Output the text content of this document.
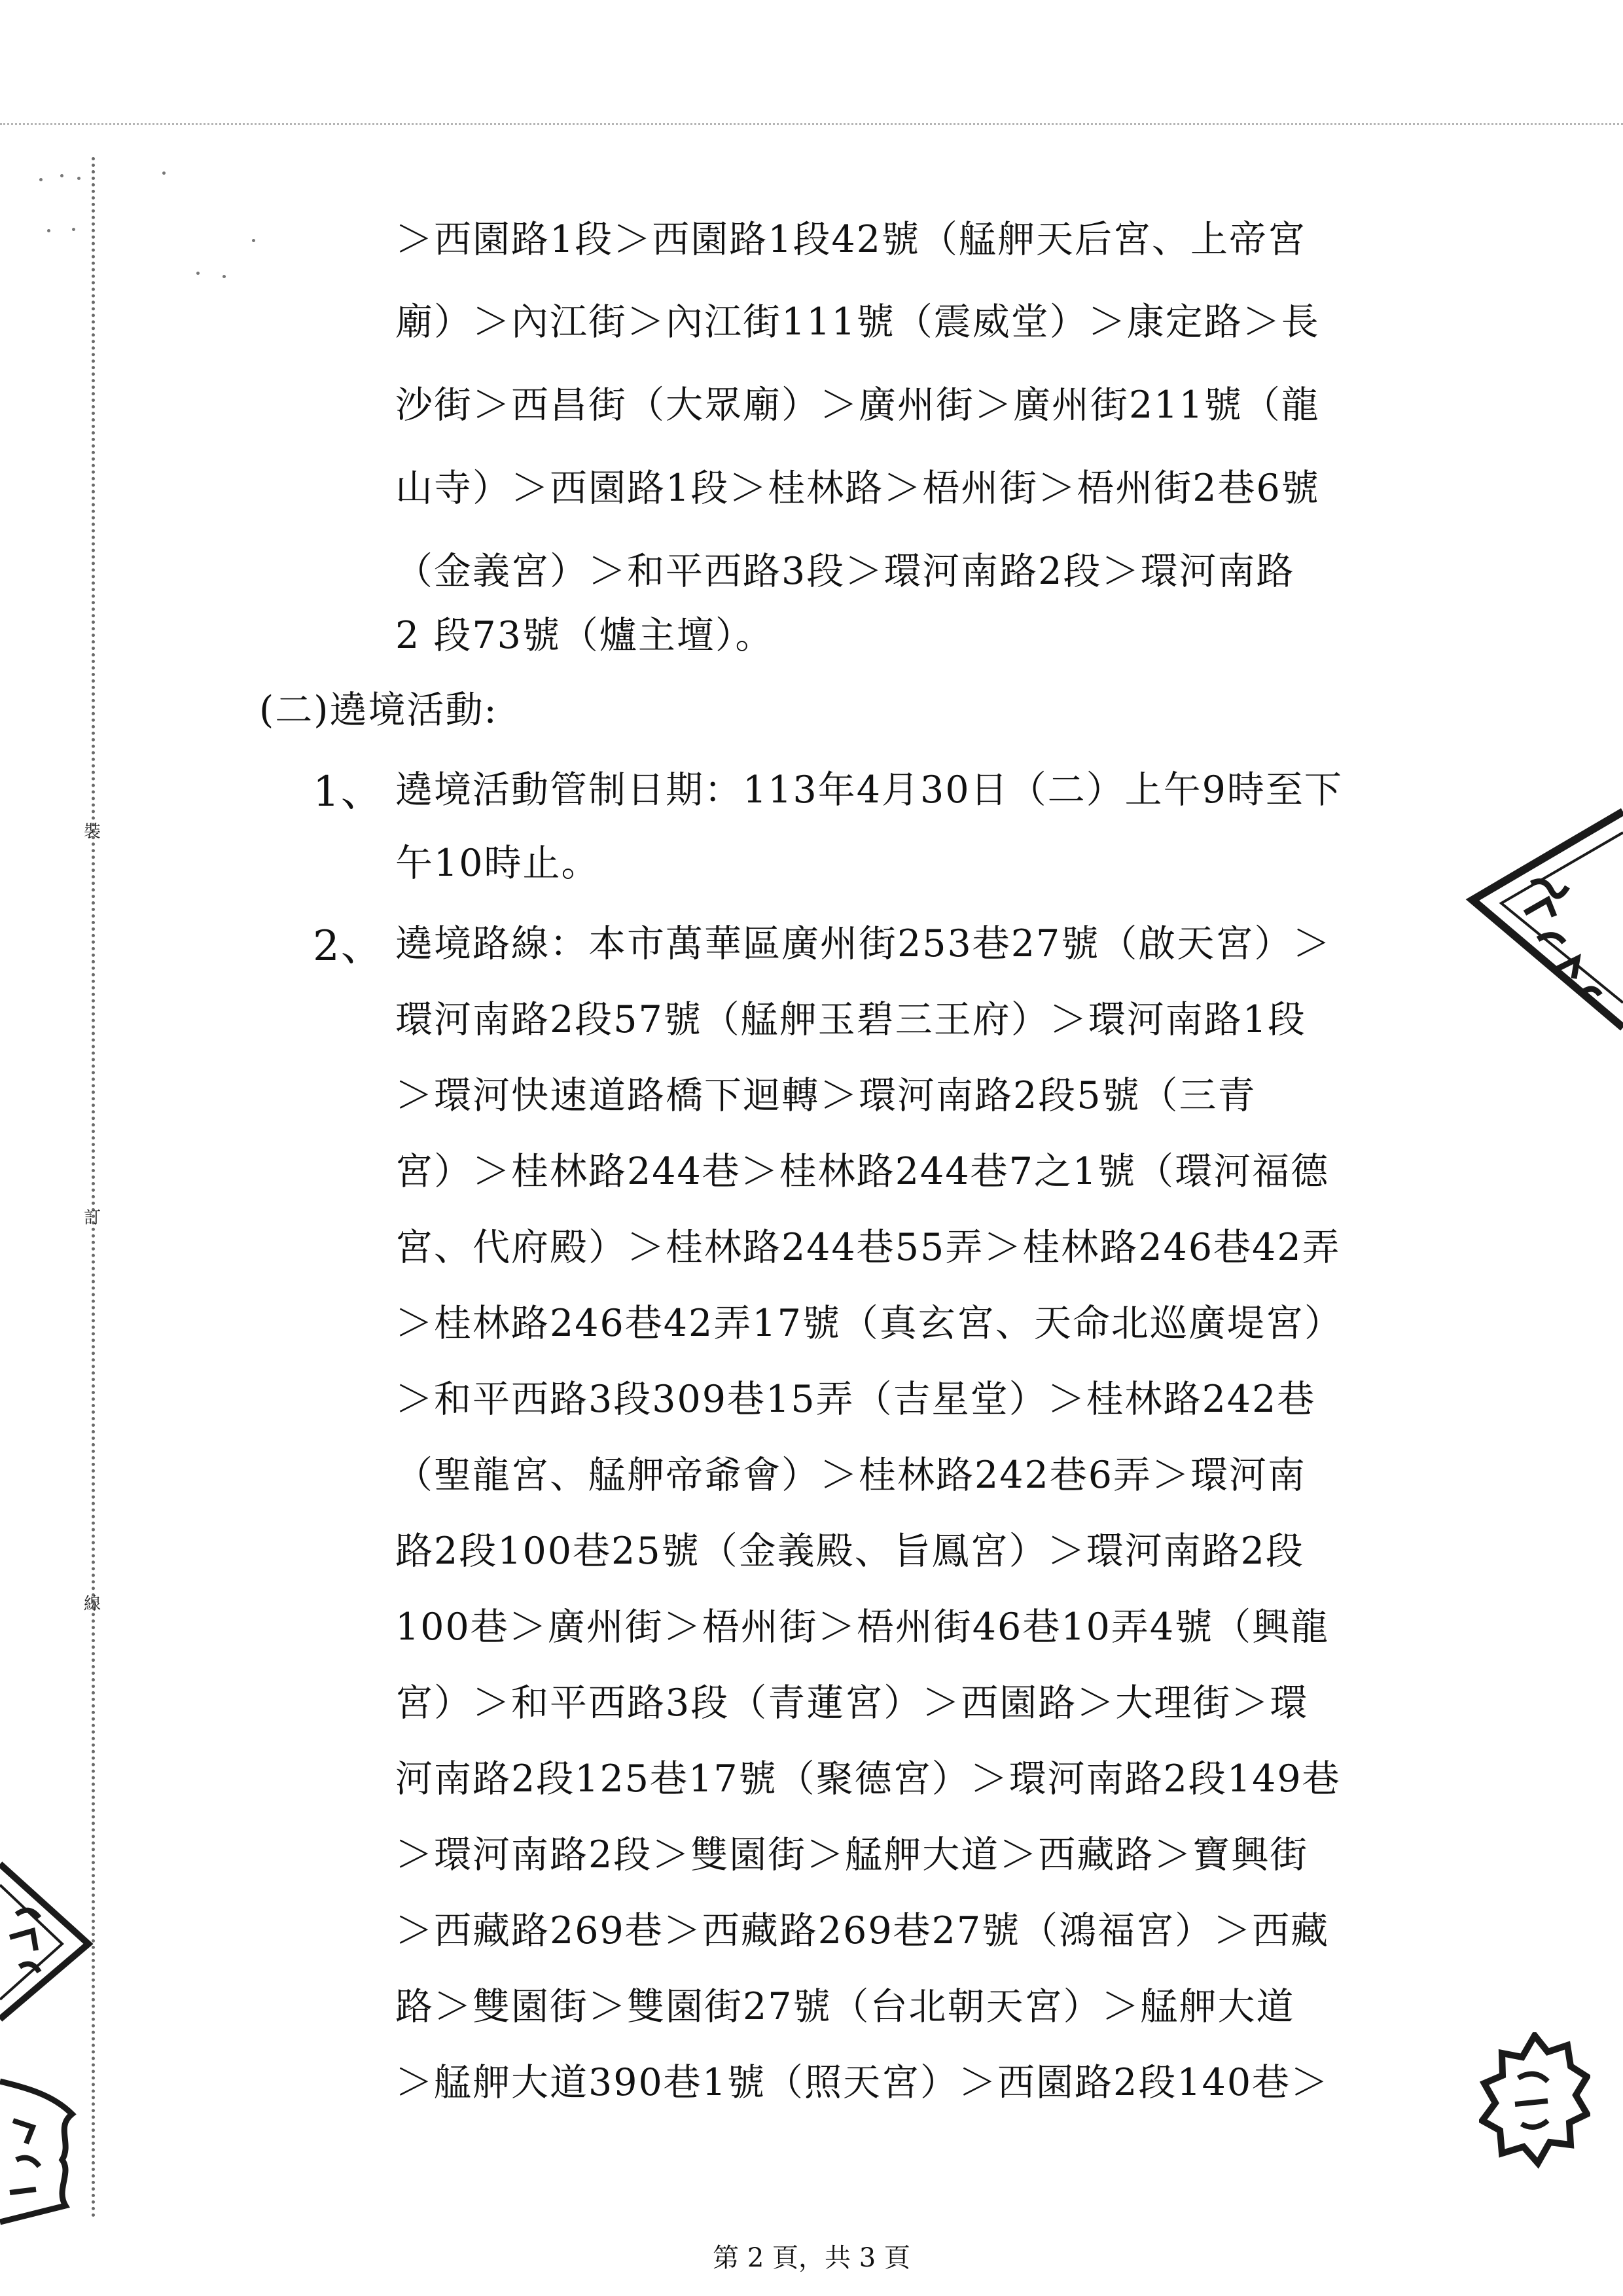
裝
訂
線
＞西園路1段＞西園路1段42號（艋舺天后宮、上帝宮
廟）＞內江街＞內江街111號（震威堂）＞康定路＞長
沙街＞西昌街（大眾廟）＞廣州街＞廣州街211號（龍
山寺）＞西園路1段＞桂林路＞梧州街＞梧州街2巷6號
（金義宮）＞和平西路3段＞環河南路2段＞環河南路
2 段73號（爐主壇）。
(二)遶境活動:
1、 遶境活動管制日期：113年4月30日（二）上午9時至下
午10時止。
2、 遶境路線：本市萬華區廣州街253巷27號（啟天宮）＞
環河南路2段57號（艋舺玉碧三王府）＞環河南路1段
＞環河快速道路橋下迴轉＞環河南路2段5號（三青
宮）＞桂林路244巷＞桂林路244巷7之1號（環河福德
宮、代府殿）＞桂林路244巷55弄＞桂林路246巷42弄
＞桂林路246巷42弄17號（真玄宮、天命北巡廣堤宮）
＞和平西路3段309巷15弄（吉星堂）＞桂林路242巷
（聖龍宮、艋舺帝爺會）＞桂林路242巷6弄＞環河南
路2段100巷25號（金義殿、旨鳳宮）＞環河南路2段
100巷＞廣州街＞梧州街＞梧州街46巷10弄4號（興龍
宮）＞和平西路3段（青蓮宮）＞西園路＞大理街＞環
河南路2段125巷17號（聚德宮）＞環河南路2段149巷
＞環河南路2段＞雙園街＞艋舺大道＞西藏路＞寶興街
＞西藏路269巷＞西藏路269巷27號（鴻福宮）＞西藏
路＞雙園街＞雙園街27號（台北朝天宮）＞艋舺大道
＞艋舺大道390巷1號（照天宮）＞西園路2段140巷＞
第 2 頁，共 3 頁
